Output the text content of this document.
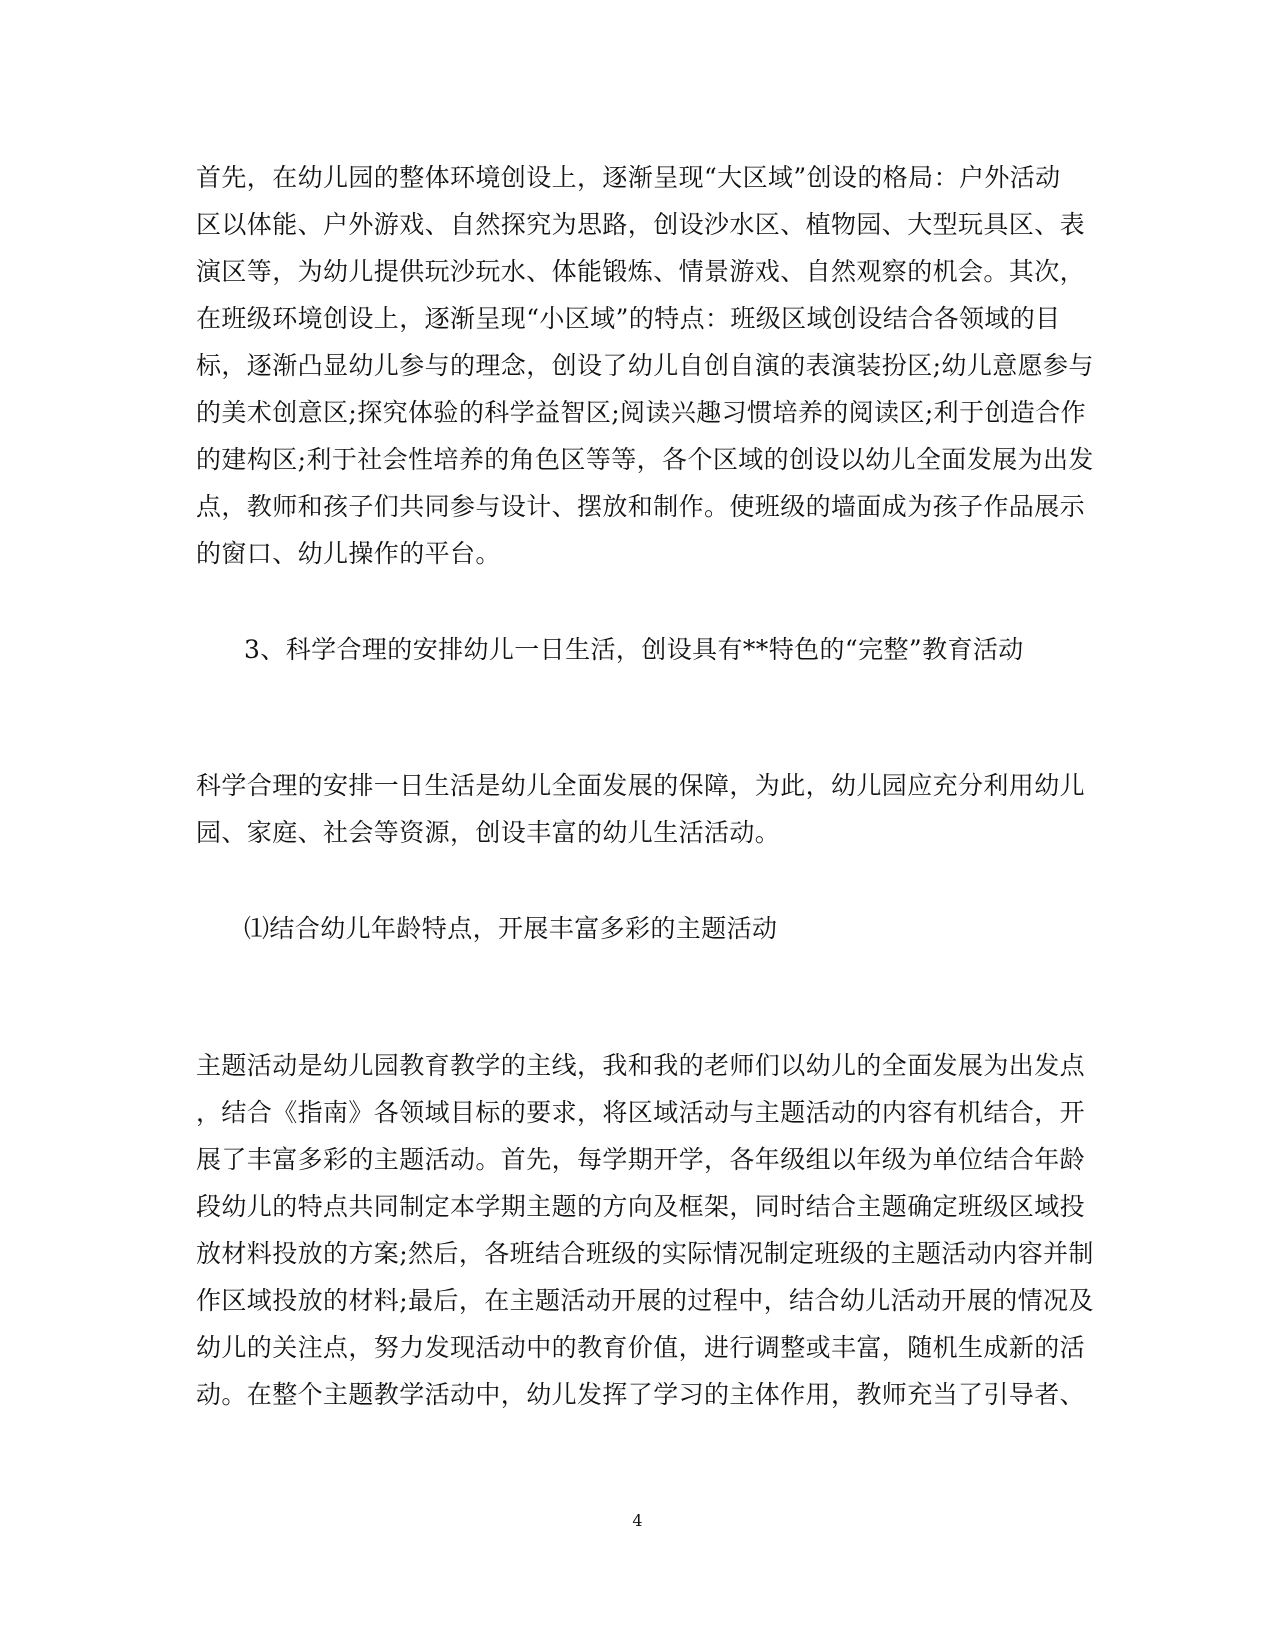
首先，在幼儿园的整体环境创设上，逐渐呈现“大区域”创设的格局：户外活动
区以体能、户外游戏、自然探究为思路，创设沙水区、植物园、大型玩具区、表
演区等，为幼儿提供玩沙玩水、体能锻炼、情景游戏、自然观察的机会。其次，
在班级环境创设上，逐渐呈现“小区域”的特点：班级区域创设结合各领域的目
标，逐渐凸显幼儿参与的理念，创设了幼儿自创自演的表演装扮区;幼儿意愿参与
的美术创意区;探究体验的科学益智区;阅读兴趣习惯培养的阅读区;利于创造合作
的建构区;利于社会性培养的角色区等等，各个区域的创设以幼儿全面发展为出发
点，教师和孩子们共同参与设计、摆放和制作。使班级的墙面成为孩子作品展示
的窗口、幼儿操作的平台。
3、科学合理的安排幼儿一日生活，创设具有**特色的“完整”教育活动
科学合理的安排一日生活是幼儿全面发展的保障，为此，幼儿园应充分利用幼儿
园、家庭、社会等资源，创设丰富的幼儿生活活动。
⑴结合幼儿年龄特点，开展丰富多彩的主题活动
主题活动是幼儿园教育教学的主线，我和我的老师们以幼儿的全面发展为出发点
，结合《指南》各领域目标的要求，将区域活动与主题活动的内容有机结合，开
展了丰富多彩的主题活动。首先，每学期开学，各年级组以年级为单位结合年龄
段幼儿的特点共同制定本学期主题的方向及框架，同时结合主题确定班级区域投
放材料投放的方案;然后，各班结合班级的实际情况制定班级的主题活动内容并制
作区域投放的材料;最后，在主题活动开展的过程中，结合幼儿活动开展的情况及
幼儿的关注点，努力发现活动中的教育价值，进行调整或丰富，随机生成新的活
动。在整个主题教学活动中，幼儿发挥了学习的主体作用，教师充当了引导者、
4
